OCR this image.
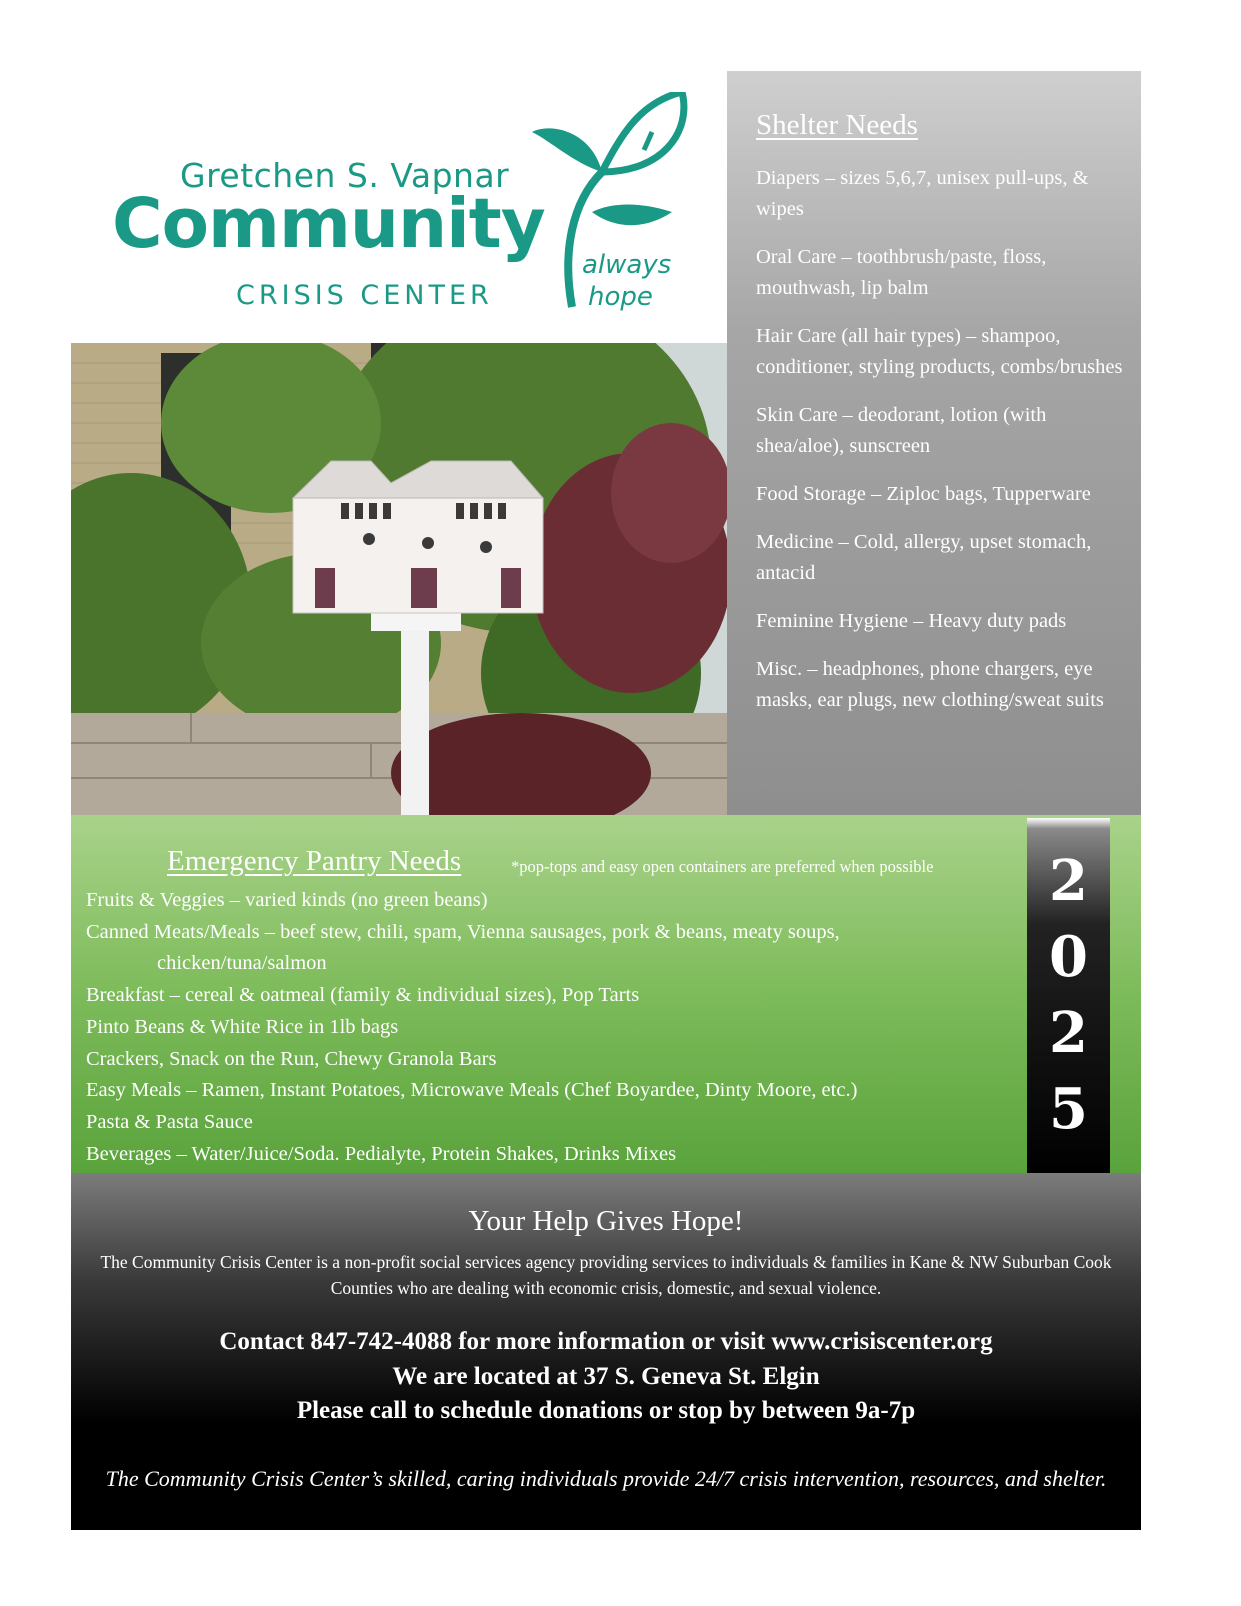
Gretchen S. Vapnar
Community
CRISIS CENTER
always
hope
Shelter Needs
Diapers – sizes 5,6,7, unisex pull-ups, & wipes
Oral Care – toothbrush/paste, floss, mouthwash, lip balm
Hair Care (all hair types) – shampoo, conditioner, styling products, combs/brushes
Skin Care – deodorant, lotion (with shea/aloe), sunscreen
Food Storage – Ziploc bags, Tupperware
Medicine – Cold, allergy, upset stomach, antacid
Feminine Hygiene – Heavy duty pads
Misc. – headphones, phone chargers, eye masks, ear plugs, new clothing/sweat suits
Emergency Pantry Needs	*pop-tops and easy open containers are preferred when possible
Fruits & Veggies – varied kinds (no green beans)
Canned Meats/Meals – beef stew, chili, spam, Vienna sausages, pork & beans, meaty soups,
chicken/tuna/salmon
Breakfast – cereal & oatmeal (family & individual sizes), Pop Tarts
Pinto Beans & White Rice in 1lb bags
Crackers, Snack on the Run, Chewy Granola Bars
Easy Meals – Ramen, Instant Potatoes, Microwave Meals (Chef Boyardee, Dinty Moore, etc.)
Pasta & Pasta Sauce
Beverages – Water/Juice/Soda. Pedialyte, Protein Shakes, Drinks Mixes
2
0
2
5
Your Help Gives Hope!
The Community Crisis Center is a non-profit social services agency providing services to individuals & families in Kane & NW Suburban Cook Counties who are dealing with economic crisis, domestic, and sexual violence.
Contact 847-742-4088 for more information or visit www.crisiscenter.org
We are located at 37 S. Geneva St. Elgin
Please call to schedule donations or stop by between 9a-7p
The Community Crisis Center’s skilled, caring individuals provide 24/7 crisis intervention, resources, and shelter.
